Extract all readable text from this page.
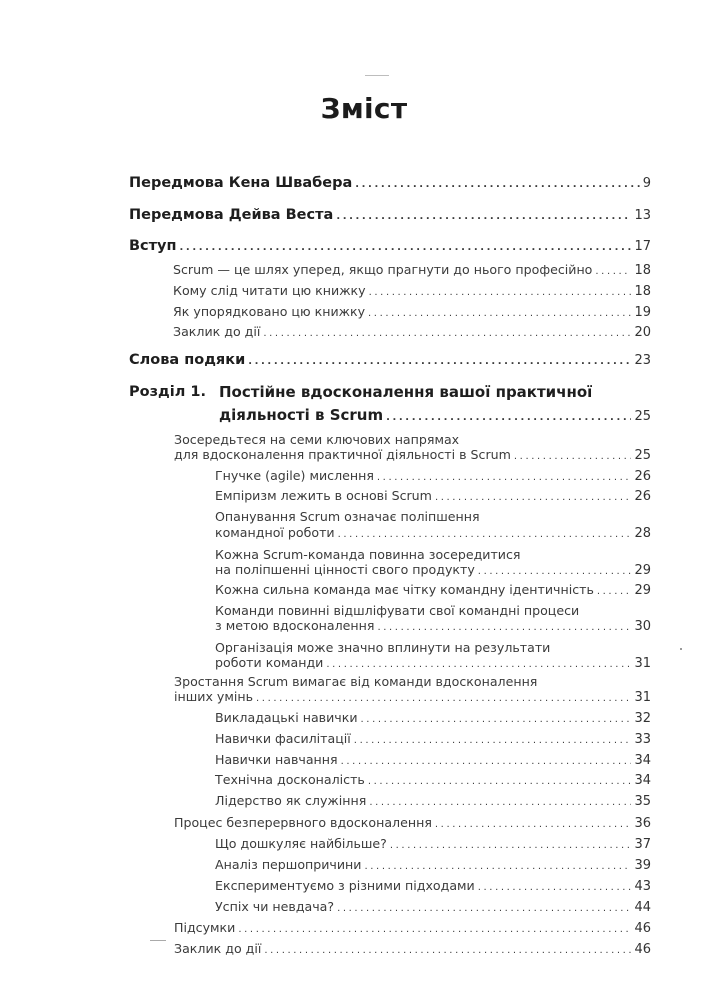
Зміст
Передмова Кена Швабера .....	9
Передмова Дейва Веста .....	13
Вступ .....	17
Scrum — це шлях уперед, якщо прагнути до нього професійно .....	18
Кому слід читати цю книжку .....	18
Як упорядковано цю книжку .....	19
Заклик до дії .....	20
Слова подяки .....	23
Розділ 1. Постійне вдосконалення вашої практичної
діяльності в Scrum .....	25
Зосередьтеся на семи ключових напрямах
для вдосконалення практичної діяльності в Scrum .....	25
Гнучке (agile) мислення .....	26
Емпіризм лежить в основі Scrum .....	26
Опанування Scrum означає поліпшення
командної роботи .....	28
Кожна Scrum-команда повинна зосередитися
на поліпшенні цінності свого продукту .....	29
Кожна сильна команда має чітку командну ідентичність .....	29
Команди повинні відшліфувати свої командні процеси
з метою вдосконалення .....	30
Організація може значно вплинути на результати
роботи команди .....	31
Зростання Scrum вимагає від команди вдосконалення
інших умінь .....	31
Викладацькі навички .....	32
Навички фасилітації .....	33
Навички навчання .....	34
Технічна досконалість .....	34
Лідерство як служіння .....	35
Процес безперервного вдосконалення .....	36
Що дошкуляє найбільше? .....	37
Аналіз першопричини .....	39
Експериментуємо з різними підходами .....	43
Успіх чи невдача? .....	44
Підсумки .....	46
Заклик до дії .....	46
